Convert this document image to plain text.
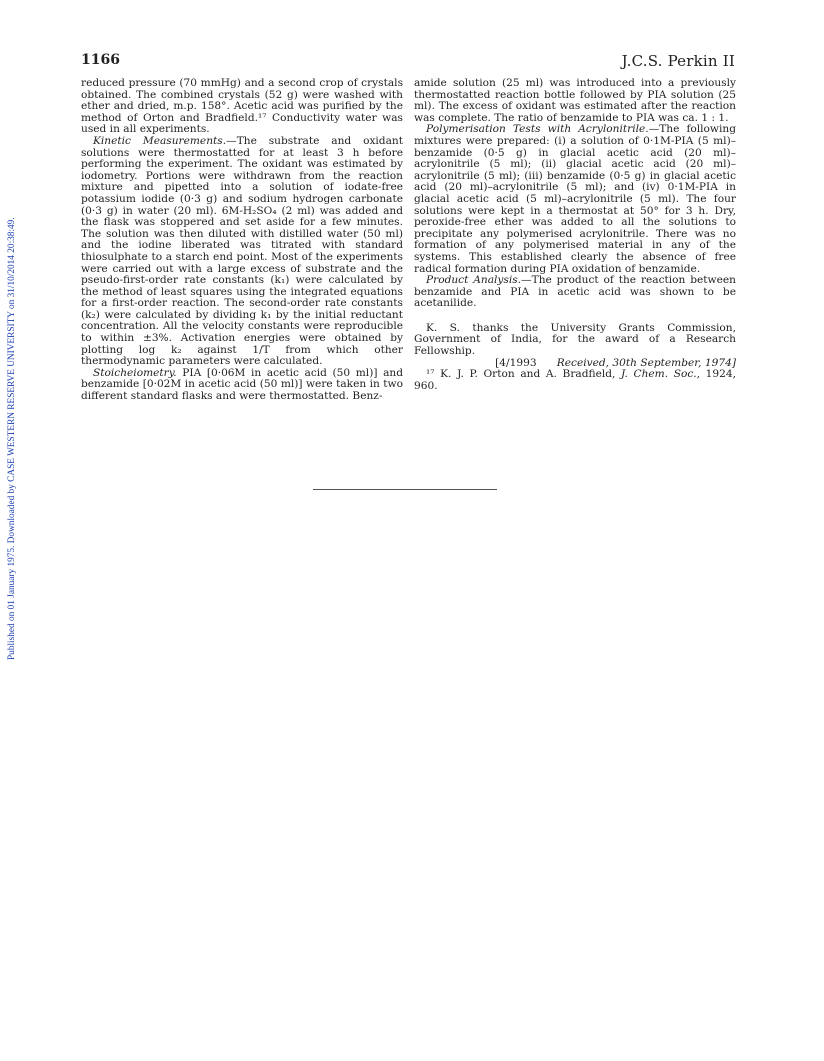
Published on 01 January 1975. Downloaded by CASE WESTERN RESERVE UNIVERSITY on 31/10/2014 20:38:49.
1166	J.C.S. Perkin II

reduced pressure (70 mmHg) and a second crop of crystals obtained. The combined crystals (52 g) were washed with ether and dried, m.p. 158°. Acetic acid was purified by the method of Orton and Bradfield.¹⁷ Conductivity water was used in all experiments.

Kinetic Measurements.—The substrate and oxidant solutions were thermostatted for at least 3 h before performing the experiment. The oxidant was estimated by iodometry. Portions were withdrawn from the reaction mixture and pipetted into a solution of iodate-free potassium iodide (0·3 g) and sodium hydrogen carbonate (0·3 g) in water (20 ml). 6M-H₂SO₄ (2 ml) was added and the flask was stoppered and set aside for a few minutes. The solution was then diluted with distilled water (50 ml) and the iodine liberated was titrated with standard thiosulphate to a starch end point. Most of the experiments were carried out with a large excess of substrate and the pseudo-first-order rate constants (k₁) were calculated by the method of least squares using the integrated equations for a first-order reaction. The second-order rate constants (k₂) were calculated by dividing k₁ by the initial reductant concentration. All the velocity constants were reproducible to within ±3%. Activation energies were obtained by plotting log k₂ against 1/T from which other thermodynamic parameters were calculated.

Stoicheiometry. PIA [0·06M in acetic acid (50 ml)] and benzamide [0·02M in acetic acid (50 ml)] were taken in two different standard flasks and were thermostatted. Benz-

amide solution (25 ml) was introduced into a previously thermostatted reaction bottle followed by PIA solution (25 ml). The excess of oxidant was estimated after the reaction was complete. The ratio of benzamide to PIA was ca. 1 : 1.

Polymerisation Tests with Acrylonitrile.—The following mixtures were prepared: (i) a solution of 0·1M-PIA (5 ml)–benzamide (0·5 g) in glacial acetic acid (20 ml)–acrylonitrile (5 ml); (ii) glacial acetic acid (20 ml)–acrylonitrile (5 ml); (iii) benzamide (0·5 g) in glacial acetic acid (20 ml)–acrylonitrile (5 ml); and (iv) 0·1M-PIA in glacial acetic acid (5 ml)–acrylonitrile (5 ml). The four solutions were kept in a thermostat at 50° for 3 h. Dry, peroxide-free ether was added to all the solutions to precipitate any polymerised acrylonitrile. There was no formation of any polymerised material in any of the systems. This established clearly the absence of free radical formation during PIA oxidation of benzamide.

Product Analysis.—The product of the reaction between benzamide and PIA in acetic acid was shown to be acetanilide.

K. S. thanks the University Grants Commission, Government of India, for the award of a Research Fellowship.

[4/1993 Received, 30th September, 1974]

¹⁷ K. J. P. Orton and A. Bradfield, J. Chem. Soc., 1924, 960.
